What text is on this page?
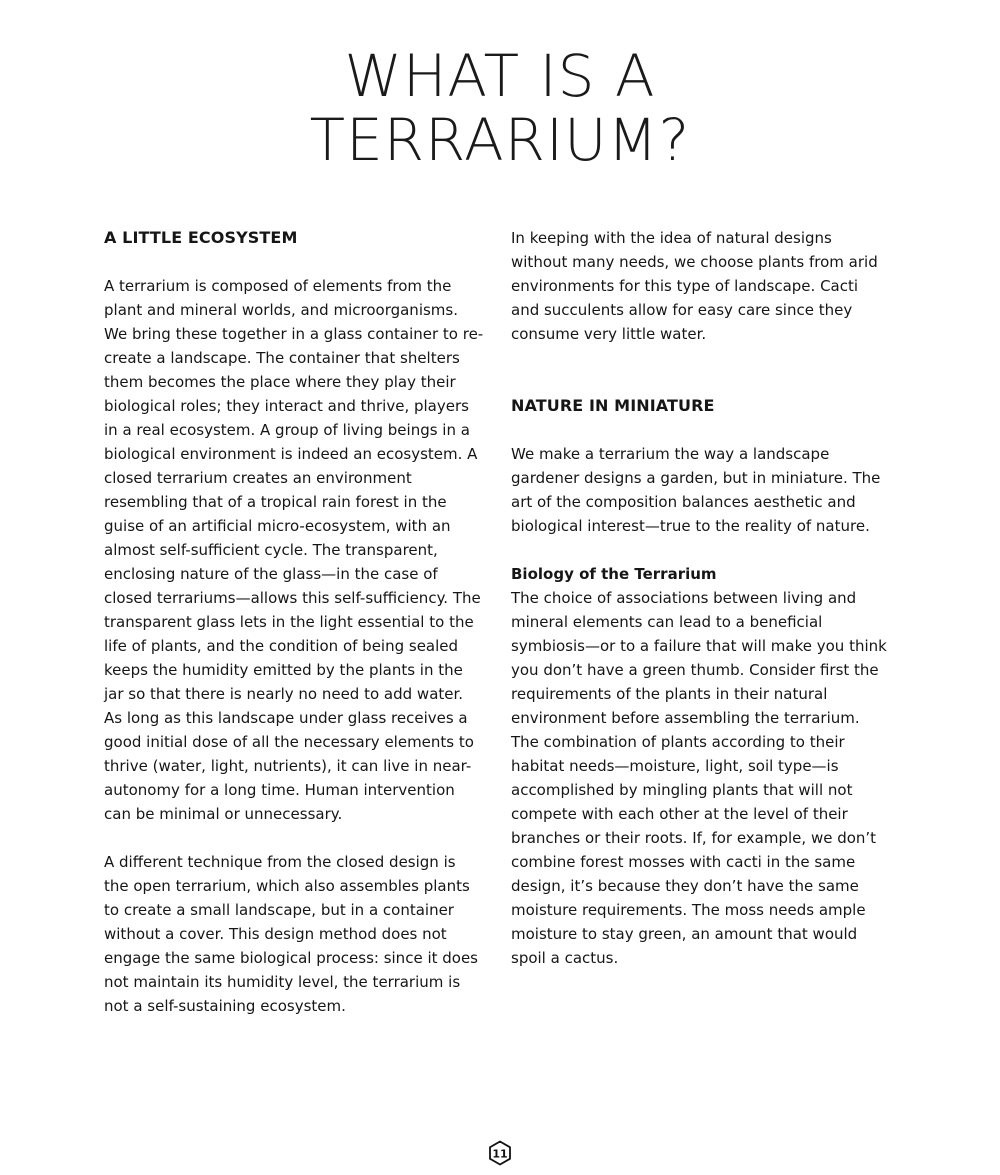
WHAT IS A
TERRARIUM?
A LITTLE ECOSYSTEM

A terrarium is composed of elements from the plant and mineral worlds, and microorganisms. We bring these together in a glass container to re-create a landscape. The container that shelters them becomes the place where they play their biological roles; they interact and thrive, players in a real ecosystem. A group of living beings in a biological environment is indeed an ecosystem. A closed terrarium creates an environment resembling that of a tropical rain forest in the guise of an artificial micro-ecosystem, with an almost self-sufficient cycle. The transparent, enclosing nature of the glass—in the case of closed terrariums—allows this self-sufficiency. The transparent glass lets in the light essential to the life of plants, and the condition of being sealed keeps the humidity emitted by the plants in the jar so that there is nearly no need to add water. As long as this landscape under glass receives a good initial dose of all the necessary elements to thrive (water, light, nutrients), it can live in near-autonomy for a long time. Human intervention can be minimal or unnecessary.

A different technique from the closed design is the open terrarium, which also assembles plants to create a small landscape, but in a container without a cover. This design method does not engage the same biological process: since it does not maintain its humidity level, the terrarium is not a self-sustaining ecosystem.

In keeping with the idea of natural designs without many needs, we choose plants from arid environments for this type of landscape. Cacti and succulents allow for easy care since they consume very little water.

NATURE IN MINIATURE

We make a terrarium the way a landscape gardener designs a garden, but in miniature. The art of the composition balances aesthetic and biological interest—true to the reality of nature.

Biology of the Terrarium

The choice of associations between living and mineral elements can lead to a beneficial symbiosis—or to a failure that will make you think you don’t have a green thumb. Consider first the requirements of the plants in their natural environment before assembling the terrarium. The combination of plants according to their habitat needs—moisture, light, soil type—is accomplished by mingling plants that will not compete with each other at the level of their branches or their roots. If, for example, we don’t combine forest mosses with cacti in the same design, it’s because they don’t have the same moisture requirements. The moss needs ample moisture to stay green, an amount that would spoil a cactus.

11
